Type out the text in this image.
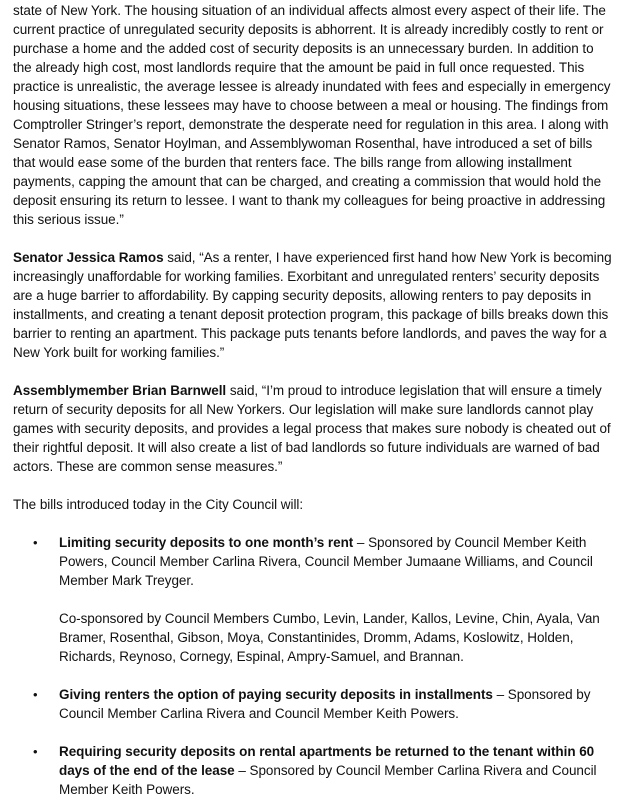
state of New York. The housing situation of an individual affects almost every aspect of their life. The current practice of unregulated security deposits is abhorrent. It is already incredibly costly to rent or purchase a home and the added cost of security deposits is an unnecessary burden. In addition to the already high cost, most landlords require that the amount be paid in full once requested. This practice is unrealistic, the average lessee is already inundated with fees and especially in emergency housing situations, these lessees may have to choose between a meal or housing. The findings from Comptroller Stringer’s report, demonstrate the desperate need for regulation in this area. I along with Senator Ramos, Senator Hoylman, and Assemblywoman Rosenthal, have introduced a set of bills that would ease some of the burden that renters face. The bills range from allowing installment payments, capping the amount that can be charged, and creating a commission that would hold the deposit ensuring its return to lessee. I want to thank my colleagues for being proactive in addressing this serious issue.”

Senator Jessica Ramos said, “As a renter, I have experienced first hand how New York is becoming increasingly unaffordable for working families. Exorbitant and unregulated renters’ security deposits are a huge barrier to affordability. By capping security deposits, allowing renters to pay deposits in installments, and creating a tenant deposit protection program, this package of bills breaks down this barrier to renting an apartment. This package puts tenants before landlords, and paves the way for a New York built for working families.”

Assemblymember Brian Barnwell said, “I’m proud to introduce legislation that will ensure a timely return of security deposits for all New Yorkers. Our legislation will make sure landlords cannot play games with security deposits, and provides a legal process that makes sure nobody is cheated out of their rightful deposit. It will also create a list of bad landlords so future individuals are warned of bad actors. These are common sense measures.”

The bills introduced today in the City Council will:

• Limiting security deposits to one month’s rent – Sponsored by Council Member Keith Powers, Council Member Carlina Rivera, Council Member Jumaane Williams, and Council Member Mark Treyger.

Co-sponsored by Council Members Cumbo, Levin, Lander, Kallos, Levine, Chin, Ayala, Van Bramer, Rosenthal, Gibson, Moya, Constantinides, Dromm, Adams, Koslowitz, Holden, Richards, Reynoso, Cornegy, Espinal, Ampry-Samuel, and Brannan.

• Giving renters the option of paying security deposits in installments – Sponsored by Council Member Carlina Rivera and Council Member Keith Powers.
• Requiring security deposits on rental apartments be returned to the tenant within 60 days of the end of the lease – Sponsored by Council Member Carlina Rivera and Council Member Keith Powers.
